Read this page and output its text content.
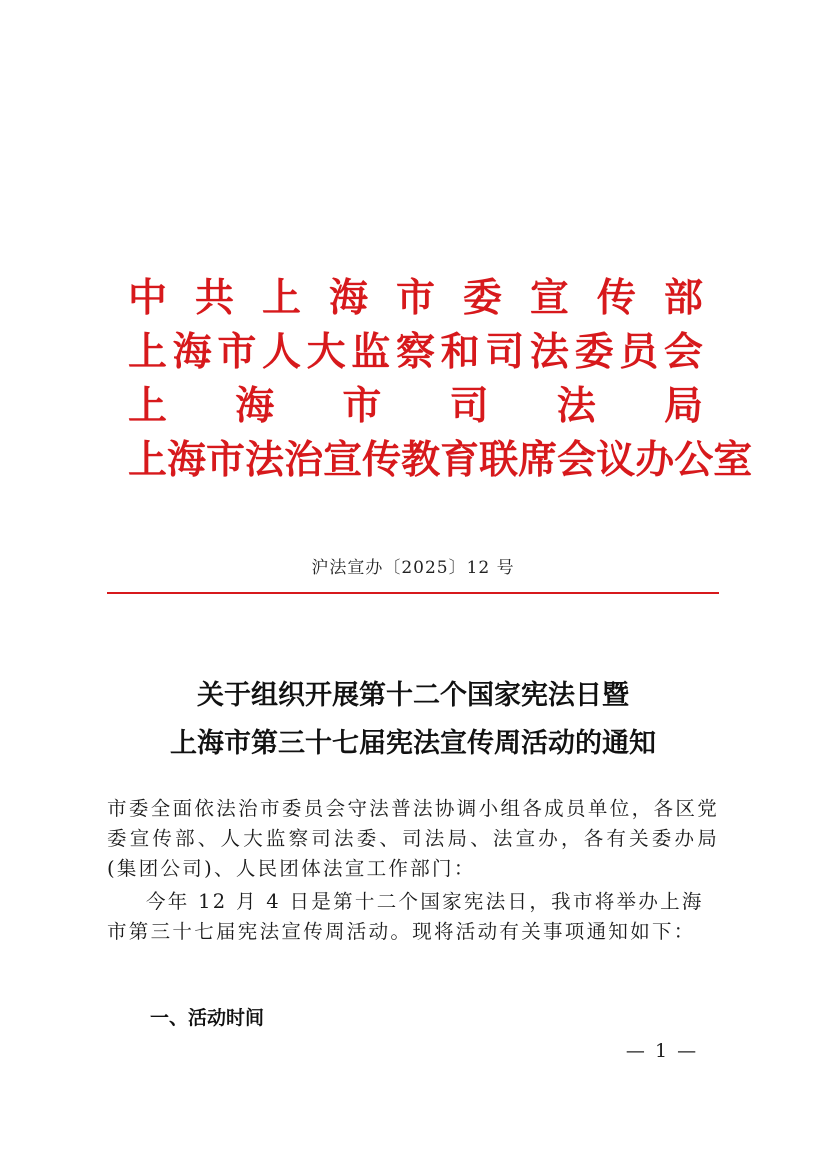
中 共 上 海 市 委 宣 传 部
上 海 市 人 大 监 察 和 司 法 委 员 会
上 海 市 司 法 局
上 海 市 法 治 宣 传 教 育 联 席 会 议 办 公 室
沪法宣办〔2025〕12 号
关于组织开展第十二个国家宪法日暨
上海市第三十七届宪法宣传周活动的通知

市委全面依法治市委员会守法普法协调小组各成员单位，各区党委宣传部、人大监察司法委、司法局、法宣办，各有关委办局(集团公司)、人民团体法宣工作部门：

今年 12 月 4 日是第十二个国家宪法日，我市将举办上海市第三十七届宪法宣传周活动。现将活动有关事项通知如下：

一、活动时间
— 1 —
